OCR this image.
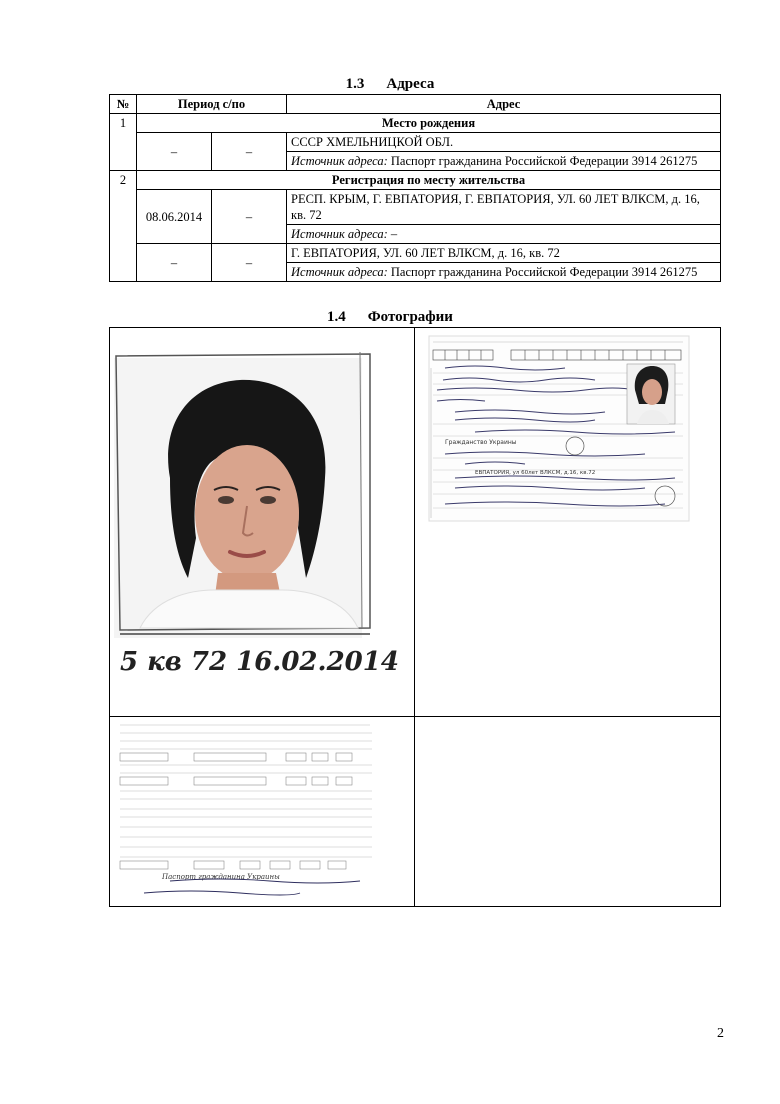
1.3 Адреса
№	Период с/по		Адрес
1	Место рождения		
	–	–	СССР ХМЕЛЬНИЦКОЙ ОБЛ.
			Источник адреса: Паспорт гражданина Российской Федерации 3914 261275
2	Регистрация по месту жительства		
	08.06.2014	–	РЕСП. КРЫМ, Г. ЕВПАТОРИЯ, Г. ЕВПАТОРИЯ, УЛ. 60 ЛЕТ ВЛКСМ, д. 16, кв. 72
			Источник адреса: –
	–	–	Г. ЕВПАТОРИЯ, УЛ. 60 ЛЕТ ВЛКСМ, д. 16, кв. 72
			Источник адреса: Паспорт гражданина Российской Федерации 3914 261275
1.4 Фотографии
5 кв 72 16.02.2014
Гражданство Украины
ЕВПАТОРИЯ, ул 60лет ВЛКСМ, д.16, кв.72
Паспорт гражданина Украины
2
